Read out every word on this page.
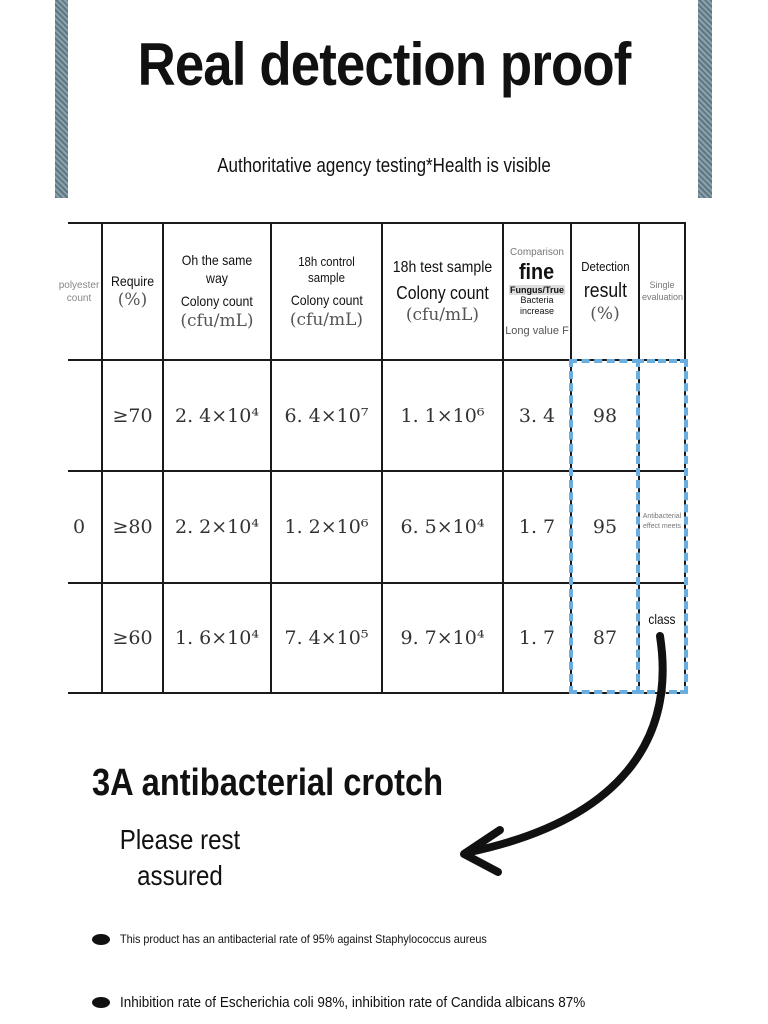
Real detection proof
Authoritative agency testing*Health is visible
polyester count
Require
(%)
Oh the same way
Colony count
(cfu/mL)
18h control sample
Colony count
(cfu/mL)
18h test sample
Colony count
(cfu/mL)
Comparison
fine
Fungus/True
Bacteria increase
Long value F
Detection
result
(%)
Single evaluation
≥70 2. 4×10⁴ 6. 4×10⁷ 1. 1×10⁶ 3. 4 98
0 ≥80 2. 2×10⁴ 1. 2×10⁶ 6. 5×10⁴ 1. 7 95
≥60 1. 6×10⁴ 7. 4×10⁵ 9. 7×10⁴ 1. 7 87
Antibacterial effect meets
class
3A antibacterial crotch
Please rest assured
This product has an antibacterial rate of 95% against Staphylococcus aureus
Inhibition rate of Escherichia coli 98%, inhibition rate of Candida albicans 87%
